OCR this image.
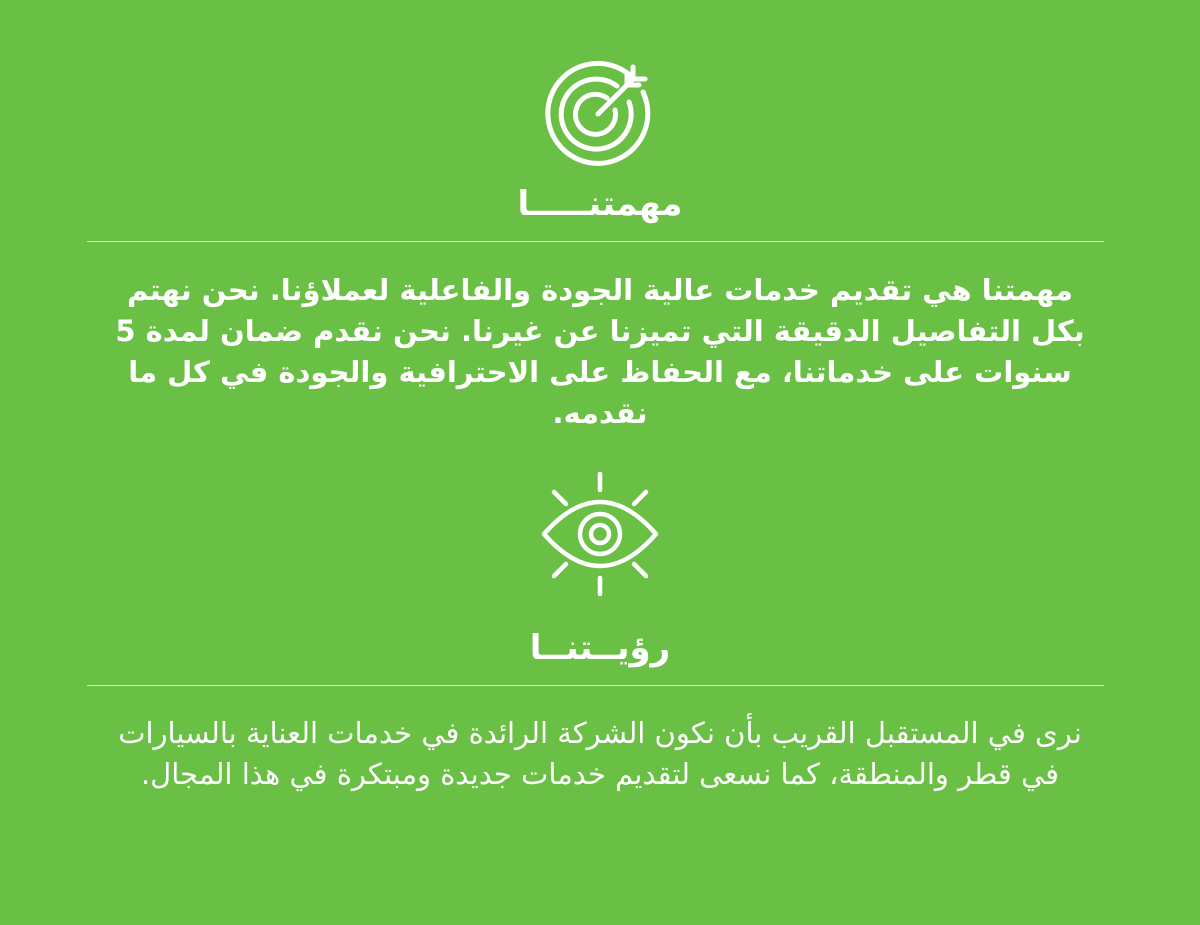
مهمتنـــــا
مهمتنا هي تقديم خدمات عالية الجودة والفاعلية لعملاؤنا. نحن نهتم بكل التفاصيل الدقيقة التي تميزنا عن غيرنا. نحن نقدم ضمان لمدة 5 سنوات على خدماتنا، مع الحفاظ على الاحترافية والجودة في كل ما نقدمه.
رؤيــتنــا
نرى في المستقبل القريب بأن نكون الشركة الرائدة في خدمات العناية بالسيارات في قطر والمنطقة، كما نسعى لتقديم خدمات جديدة ومبتكرة في هذا المجال.
